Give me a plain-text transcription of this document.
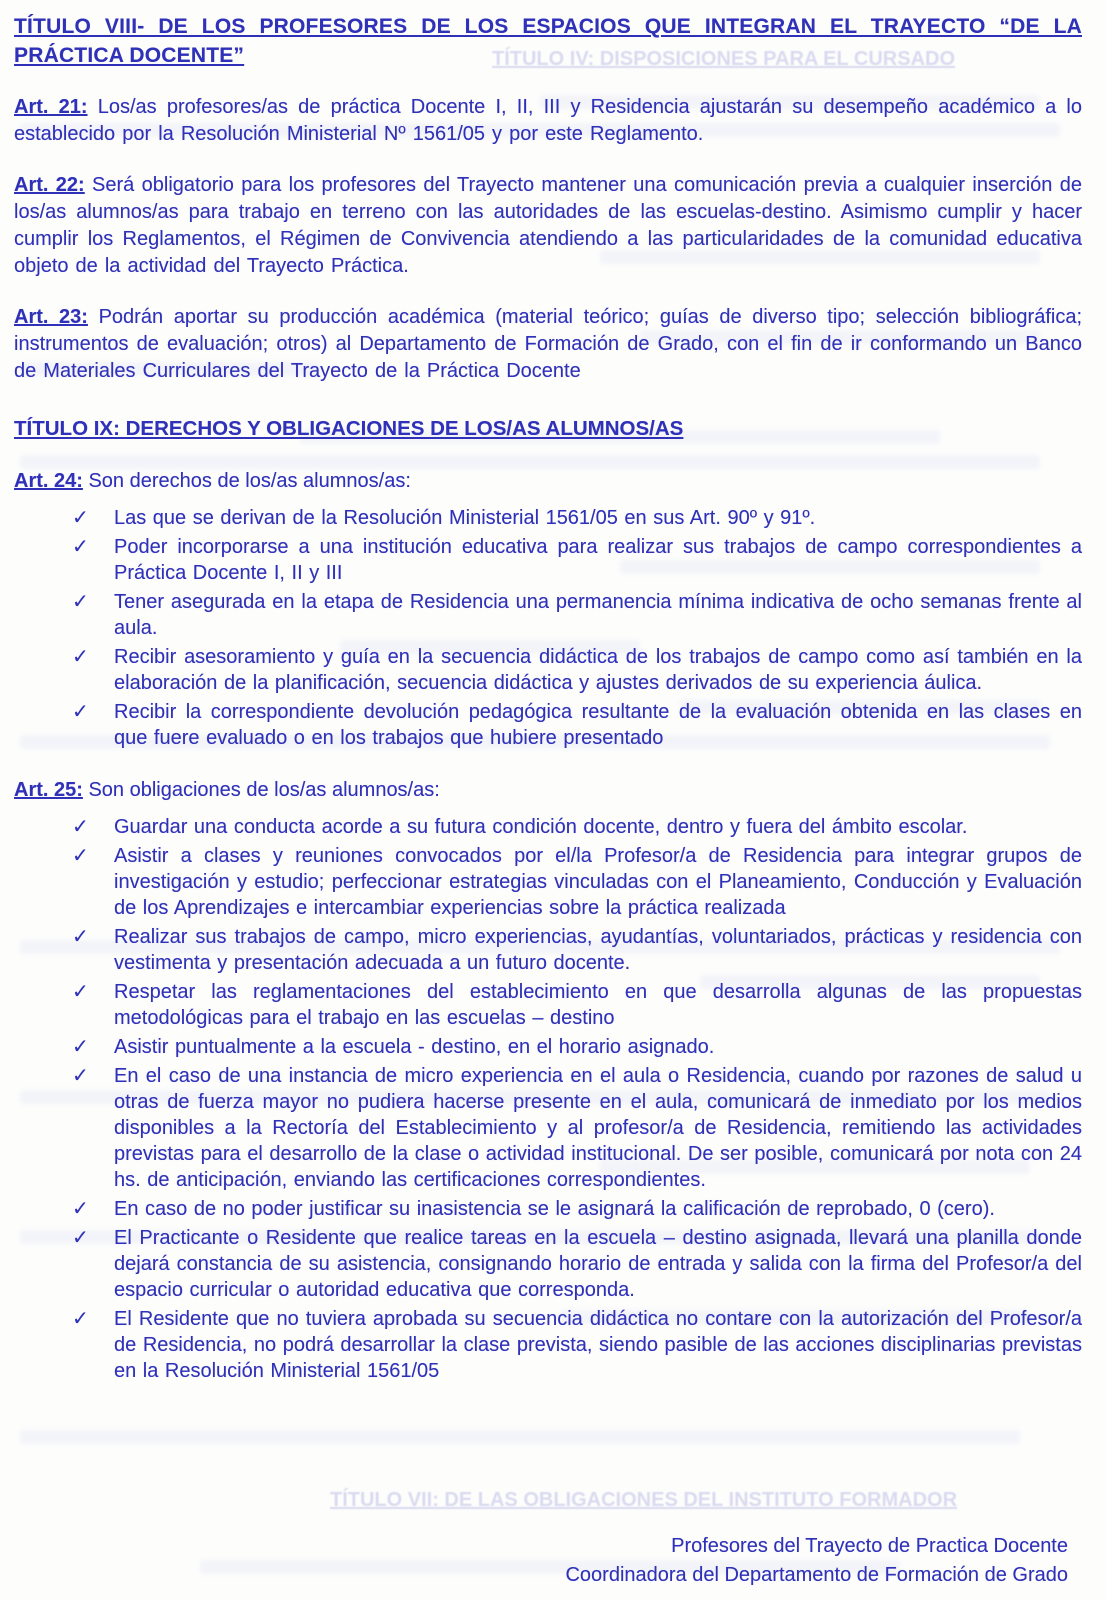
TÍTULO IV: DISPOSICIONES PARA EL CURSADO
TÍTULO VII: DE LAS OBLIGACIONES DEL INSTITUTO FORMADOR
TÍTULO VIII- DE LOS PROFESORES DE LOS ESPACIOS QUE INTEGRAN EL TRAYECTO “DE LA PRÁCTICA DOCENTE”

Art. 21: Los/as profesores/as de práctica Docente I, II, III y Residencia ajustarán su desempeño académico a lo establecido por la Resolución Ministerial Nº 1561/05 y por este Reglamento.

Art. 22: Será obligatorio para los profesores del Trayecto mantener una comunicación previa a cualquier inserción de los/as alumnos/as para trabajo en terreno con las autoridades de las escuelas-destino. Asimismo cumplir y hacer cumplir los Reglamentos, el Régimen de Convivencia atendiendo a las particularidades de la comunidad educativa objeto de la actividad del Trayecto Práctica.

Art. 23: Podrán aportar su producción académica (material teórico; guías de diverso tipo; selección bibliográfica; instrumentos de evaluación; otros) al Departamento de Formación de Grado, con el fin de ir conformando un Banco de Materiales Curriculares del Trayecto de la Práctica Docente

TÍTULO IX: DERECHOS Y OBLIGACIONES DE LOS/AS ALUMNOS/AS

Art. 24: Son derechos de los/as alumnos/as:

✓	Las que se derivan de la Resolución Ministerial 1561/05 en sus Art. 90º y 91º.
✓	Poder incorporarse a una institución educativa para realizar sus trabajos de campo correspondientes a Práctica Docente I, II y III
✓	Tener asegurada en la etapa de Residencia una permanencia mínima indicativa de ocho semanas frente al aula.
✓	Recibir asesoramiento y guía en la secuencia didáctica de los trabajos de campo como así también en la elaboración de la planificación, secuencia didáctica y ajustes derivados de su experiencia áulica.
✓	Recibir la correspondiente devolución pedagógica resultante de la evaluación obtenida en las clases en que fuere evaluado o en los trabajos que hubiere presentado

Art. 25: Son obligaciones de los/as alumnos/as:

✓	Guardar una conducta acorde a su futura condición docente, dentro y fuera del ámbito escolar.
✓	Asistir a clases y reuniones convocados por el/la Profesor/a de Residencia para integrar grupos de investigación y estudio; perfeccionar estrategias vinculadas con el Planeamiento, Conducción y Evaluación de los Aprendizajes e intercambiar experiencias sobre la práctica realizada
✓	Realizar sus trabajos de campo, micro experiencias, ayudantías, voluntariados, prácticas y residencia con vestimenta y presentación adecuada a un futuro docente.
✓	Respetar las reglamentaciones del establecimiento en que desarrolla algunas de las propuestas metodológicas para el trabajo en las escuelas – destino
✓	Asistir puntualmente a la escuela - destino, en el horario asignado.
✓	En el caso de una instancia de micro experiencia en el aula o Residencia, cuando por razones de salud u otras de fuerza mayor no pudiera hacerse presente en el aula, comunicará de inmediato por los medios disponibles a la Rectoría del Establecimiento y al profesor/a de Residencia, remitiendo las actividades previstas para el desarrollo de la clase o actividad institucional. De ser posible, comunicará por nota con 24 hs. de anticipación, enviando las certificaciones correspondientes.
✓	En caso de no poder justificar su inasistencia se le asignará la calificación de reprobado, 0 (cero).
✓	El Practicante o Residente que realice tareas en la escuela – destino asignada, llevará una planilla donde dejará constancia de su asistencia, consignando horario de entrada y salida con la firma del Profesor/a del espacio curricular o autoridad educativa que corresponda.
✓	El Residente que no tuviera aprobada su secuencia didáctica no contare con la autorización del Profesor/a de Residencia, no podrá desarrollar la clase prevista, siendo pasible de las acciones disciplinarias previstas en la Resolución Ministerial 1561/05
Profesores del Trayecto de Practica Docente
Coordinadora del Departamento de Formación de Grado
